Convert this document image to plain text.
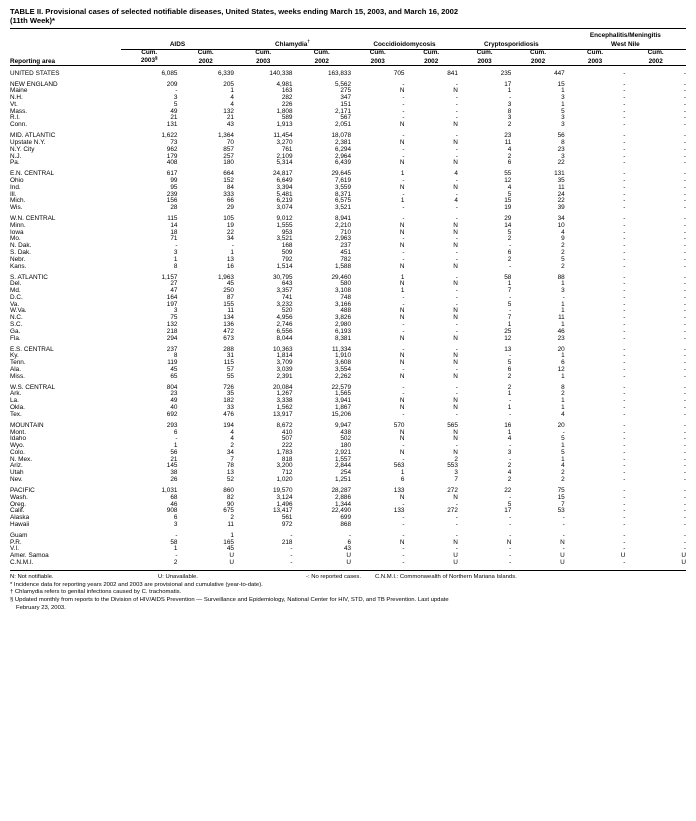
TABLE II. Provisional cases of selected notifiable diseases, United States, weeks ending March 15, 2003, and March 16, 2002
(11th Week)*

									Encephalitis/Meningitis	
	AIDS		Chlamydia†		Coccidioidomycosis		Cryptosporidiosis		West Nile	
	Cum.	Cum.	Cum.	Cum.	Cum.	Cum.	Cum.	Cum.	Cum.	Cum.
Reporting area	2003§	2002	2003	2002	2003	2002	2003	2002	2003	2002
UNITED STATES	6,085	6,339	140,338	163,833	705	841	235	447	-	-
NEW ENGLAND	209	205	4,981	5,562	-	-	17	15	-	-
Maine	-	1	163	275	N	N	1	1	-	-
N.H.	3	4	282	347	-	-	-	3	-	-
Vt.	5	4	226	151	-	-	3	1	-	-
Mass.	49	132	1,808	2,171	-	-	8	5	-	-
R.I.	21	21	589	567	-	-	3	3	-	-
Conn.	131	43	1,913	2,051	N	N	2	3	-	-
MID. ATLANTIC	1,622	1,364	11,454	18,078	-	-	23	56	-	-
Upstate N.Y.	73	70	3,270	2,381	N	N	11	8	-	-
N.Y. City	962	857	761	6,294	-	-	4	23	-	-
N.J.	179	257	2,109	2,964	-	-	2	3	-	-
Pa.	408	180	5,314	6,439	N	N	6	22	-	-
E.N. CENTRAL	617	664	24,817	29,645	1	4	55	131	-	-
Ohio	99	152	6,649	7,619	-	-	12	35	-	-
Ind.	95	84	3,394	3,559	N	N	4	11	-	-
Ill.	239	333	5,481	8,371	-	-	5	24	-	-
Mich.	156	66	6,219	6,575	1	4	15	22	-	-
Wis.	28	29	3,074	3,521	-	-	19	39	-	-
W.N. CENTRAL	115	105	9,012	8,941	-	-	29	34	-	-
Minn.	14	19	1,555	2,210	N	N	14	10	-	-
Iowa	18	22	953	710	N	N	5	4	-	-
Mo.	71	34	3,521	2,963	-	-	2	9	-	-
N. Dak.	-	-	168	237	N	N	-	2	-	-
S. Dak.	3	1	509	451	-	-	6	2	-	-
Nebr.	1	13	792	782	-	-	2	5	-	-
Kans.	8	16	1,514	1,588	N	N	-	2	-	-
S. ATLANTIC	1,157	1,963	30,795	29,460	1	-	58	88	-	-
Del.	27	45	643	580	N	N	1	1	-	-
Md.	47	250	3,357	3,108	1	-	7	3	-	-
D.C.	164	87	741	748	-	-	-	-	-	-
Va.	197	155	3,232	3,166	-	-	5	1	-	-
W.Va.	3	11	520	488	N	N	-	1	-	-
N.C.	75	134	4,956	3,826	N	N	7	11	-	-
S.C.	132	136	2,746	2,980	-	-	1	1	-	-
Ga.	218	472	6,556	6,193	-	-	25	46	-	-
Fla.	294	673	8,044	8,381	N	N	12	23	-	-
E.S. CENTRAL	237	288	10,363	11,334	-	-	13	20	-	-
Ky.	8	31	1,814	1,910	N	N	-	1	-	-
Tenn.	119	115	3,709	3,608	N	N	5	6	-	-
Ala.	45	57	3,039	3,554	-	-	6	12	-	-
Miss.	65	55	2,391	2,262	N	N	2	1	-	-
W.S. CENTRAL	804	726	20,084	22,579	-	-	2	8	-	-
Ark.	23	35	1,267	1,565	-	-	1	2	-	-
La.	49	182	3,338	3,941	N	N	-	1	-	-
Okla.	40	33	1,562	1,867	N	N	1	1	-	-
Tex.	692	476	13,917	15,206	-	-	-	4	-	-
MOUNTAIN	293	194	8,672	9,947	570	565	16	20	-	-
Mont.	6	4	410	438	N	N	1	-	-	-
Idaho	-	4	507	502	N	N	4	5	-	-
Wyo.	1	2	222	180	-	-	-	1	-	-
Colo.	56	34	1,783	2,921	N	N	3	5	-	-
N. Mex.	21	7	818	1,557	-	2	-	1	-	-
Ariz.	145	78	3,200	2,844	563	553	2	4	-	-
Utah	38	13	712	254	1	3	4	2	-	-
Nev.	26	52	1,020	1,251	6	7	2	2	-	-
PACIFIC	1,031	860	19,570	28,287	133	272	22	75	-	-
Wash.	68	82	3,124	2,886	N	N	-	15	-	-
Oreg.	46	90	1,496	1,344	-	-	5	7	-	-
Calif.	908	675	13,417	22,490	133	272	17	53	-	-
Alaska	6	2	561	699	-	-	-	-	-	-
Hawaii	3	11	972	868	-	-	-	-	-	-
Guam	-	1	-	-	-	-	-	-	-	-
P.R.	58	165	218	6	N	N	N	N	-	-
V.I.	1	45	-	43	-	-	-	-	-	-
Amer. Samoa	-	U	-	U	-	U	-	U	U	U
C.N.M.I.	2	U	-	U	-	U	-	U	-	U
N: Not notifiable.	U: Unavailable.	-: No reported cases.	C.N.M.I.: Commonwealth of Northern Mariana Islands.
* Incidence data for reporting years 2002 and 2003 are provisional and cumulative (year-to-date).
† Chlamydia refers to genital infections caused by C. trachomatis.
§ Updated monthly from reports to the Division of HIV/AIDS Prevention — Surveillance and Epidemiology, National Center for HIV, STD, and TB Prevention. Last update
February 23, 2003.
